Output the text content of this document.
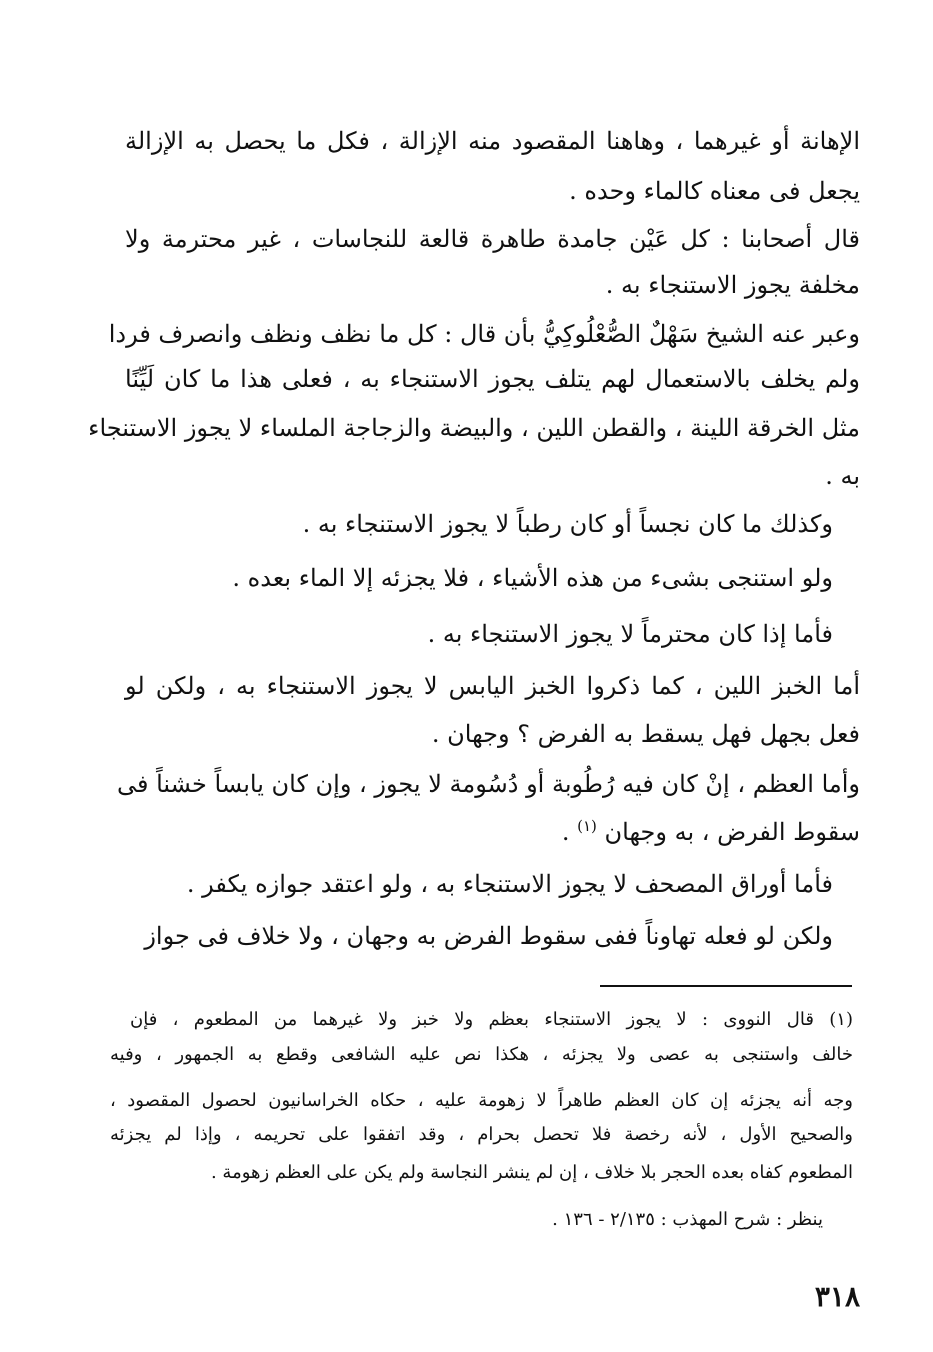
الإهانة أو غيرهما ، وهاهنا المقصود منه الإزالة ، فكل ما يحصل به الإزالة
يجعل فى معناه كالماء وحده .
قال أصحابنا : كل عَيْن جامدة طاهرة قالعة للنجاسات ، غير محترمة ولا
مخلفة يجوز الاستنجاء به .
وعبر عنه الشيخ سَهْلٌ الصُّعْلُوكِيُّ بأن قال : كل ما نظف ونظف وانصرف فردا
ولم يخلف بالاستعمال لهم يتلف يجوز الاستنجاء به ، فعلى هذا ما كان لَيِّنًا
مثل الخرقة اللينة ، والقطن اللين ، والبيضة والزجاجة الملساء لا يجوز الاستنجاء
به .
وكذلك ما كان نجساً أو كان رطباً لا يجوز الاستنجاء به .
ولو استنجى بشىء من هذه الأشياء ، فلا يجزئه إلا الماء بعده .
فأما إذا كان محترماً لا يجوز الاستنجاء به .
أما الخبز اللين ، كما ذكروا الخبز اليابس لا يجوز الاستنجاء به ، ولكن لو
فعل بجهل فهل يسقط به الفرض ؟ وجهان .
وأما العظم ، إنْ كان فيه رُطُوبة أو دُسُومة لا يجوز ، وإن كان يابساً خشناً فى
سقوط الفرض ، به وجهان $^{(١)}$ .
فأما أوراق المصحف لا يجوز الاستنجاء به ، ولو اعتقد جوازه يكفر .
ولكن لو فعله تهاوناً ففى سقوط الفرض به وجهان ، ولا خلاف فى جواز
(١) قال النووى : لا يجوز الاستنجاء بعظم ولا خبز ولا غيرهما من المطعوم ، فإن
خالف واستنجى به عصى ولا يجزئه ، هكذا نص عليه الشافعى وقطع به الجمهور ، وفيه
وجه أنه يجزئه إن كان العظم طاهراً لا زهومة عليه ، حكاه الخراسانيون لحصول المقصود ،
والصحيح الأول ، لأنه رخصة فلا تحصل بحرام ، وقد اتفقوا على تحريمه ، وإذا لم يجزئه
المطعوم كفاه بعده الحجر بلا خلاف ، إن لم ينشر النجاسة ولم يكن على العظم زهومة .
ينظر : شرح المهذب : ٢/١٣٥ - ١٣٦ .
٣١٨
